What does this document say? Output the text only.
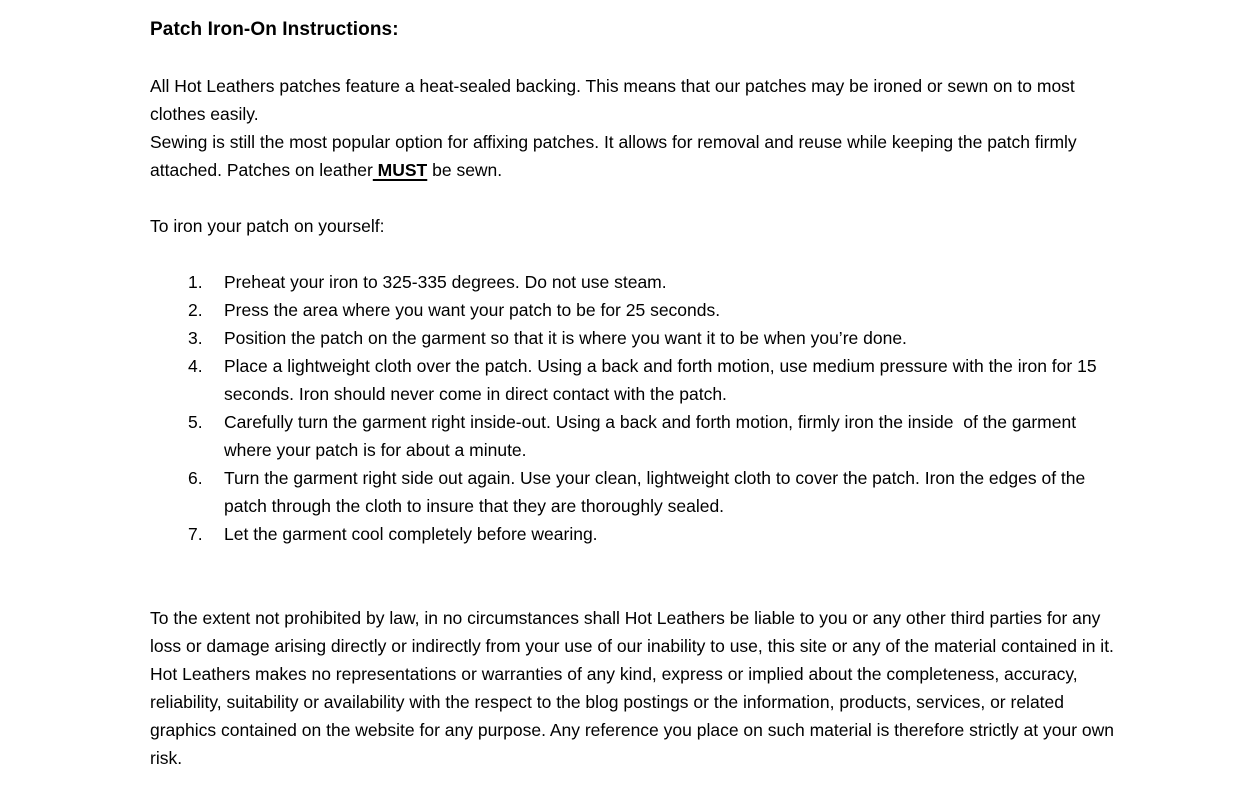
Patch Iron-On Instructions:

All Hot Leathers patches feature a heat-sealed backing. This means that our patches may be ironed or sewn on to most clothes easily.

Sewing is still the most popular option for affixing patches. It allows for removal and reuse while keeping the patch firmly attached. Patches on leather MUST be sewn.

To iron your patch on yourself:

1.	Preheat your iron to 325-335 degrees. Do not use steam.
2.	Press the area where you want your patch to be for 25 seconds.
3.	Position the patch on the garment so that it is where you want it to be when you’re done.
4.	Place a lightweight cloth over the patch. Using a back and forth motion, use medium pressure with the iron for 15 seconds. Iron should never come in direct contact with the patch.
5.	Carefully turn the garment right inside-out. Using a back and forth motion, firmly iron the inside  of the garment where your patch is for about a minute.
6.	Turn the garment right side out again. Use your clean, lightweight cloth to cover the patch. Iron the edges of the patch through the cloth to insure that they are thoroughly sealed.
7.	Let the garment cool completely before wearing.

To the extent not prohibited by law, in no circumstances shall Hot Leathers be liable to you or any other third parties for any loss or damage arising directly or indirectly from your use of our inability to use, this site or any of the material contained in it. Hot Leathers makes no representations or warranties of any kind, express or implied about the completeness, accuracy, reliability, suitability or availability with the respect to the blog postings or the information, products, services, or related graphics contained on the website for any purpose. Any reference you place on such material is therefore strictly at your own risk.
